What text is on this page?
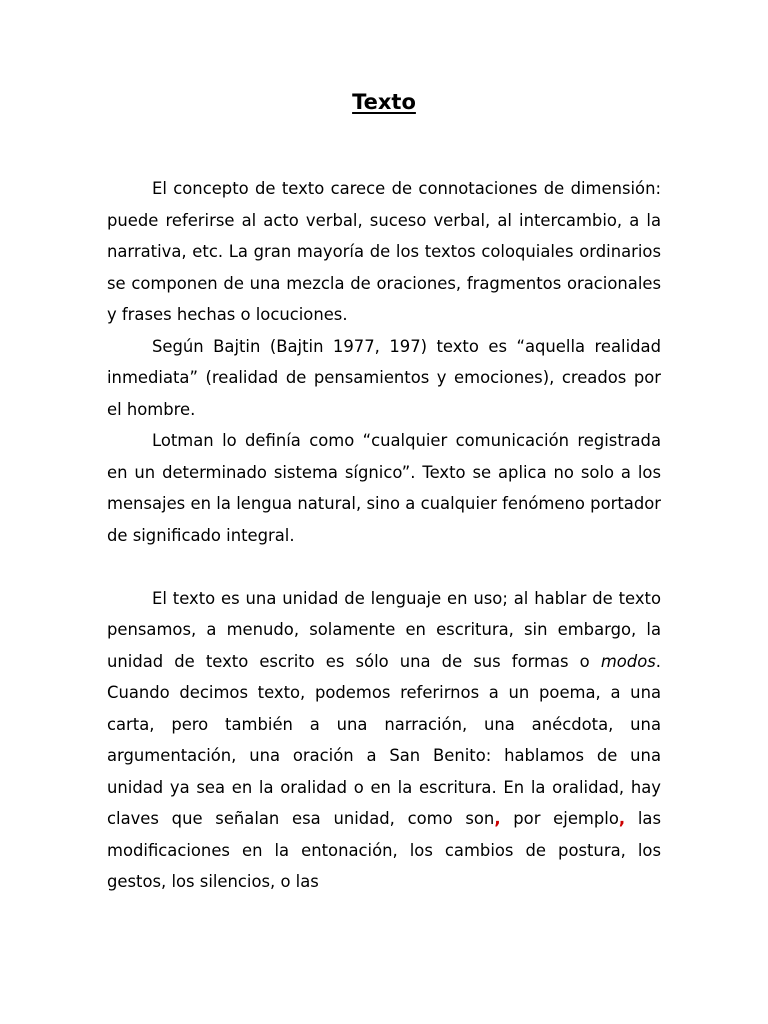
Texto

El concepto de texto carece de connotaciones de dimensión: puede referirse al acto verbal, suceso verbal, al intercambio, a la narrativa, etc. La gran mayoría de los textos coloquiales ordinarios se componen de una mezcla de oraciones, fragmentos oracionales y frases hechas o locuciones.

Según Bajtin (Bajtin 1977, 197) texto es “aquella realidad inmediata” (realidad de pensamientos y emociones), creados por el hombre.

Lotman lo definía como “cualquier comunicación registrada en un determinado sistema sígnico”. Texto se aplica no solo a los mensajes en la lengua natural, sino a cualquier fenómeno portador de significado integral.

El texto es una unidad de lenguaje en uso; al hablar de texto pensamos, a menudo, solamente en escritura, sin embargo, la unidad de texto escrito es sólo una de sus formas o modos. Cuando decimos texto, podemos referirnos a un poema, a una carta, pero también a una narración, una anécdota, una argumentación, una oración a San Benito: hablamos de una unidad ya sea en la oralidad o en la escritura. En la oralidad, hay claves que señalan esa unidad, como son, por ejemplo, las modificaciones en la entonación, los cambios de postura, los gestos, los silencios, o las
